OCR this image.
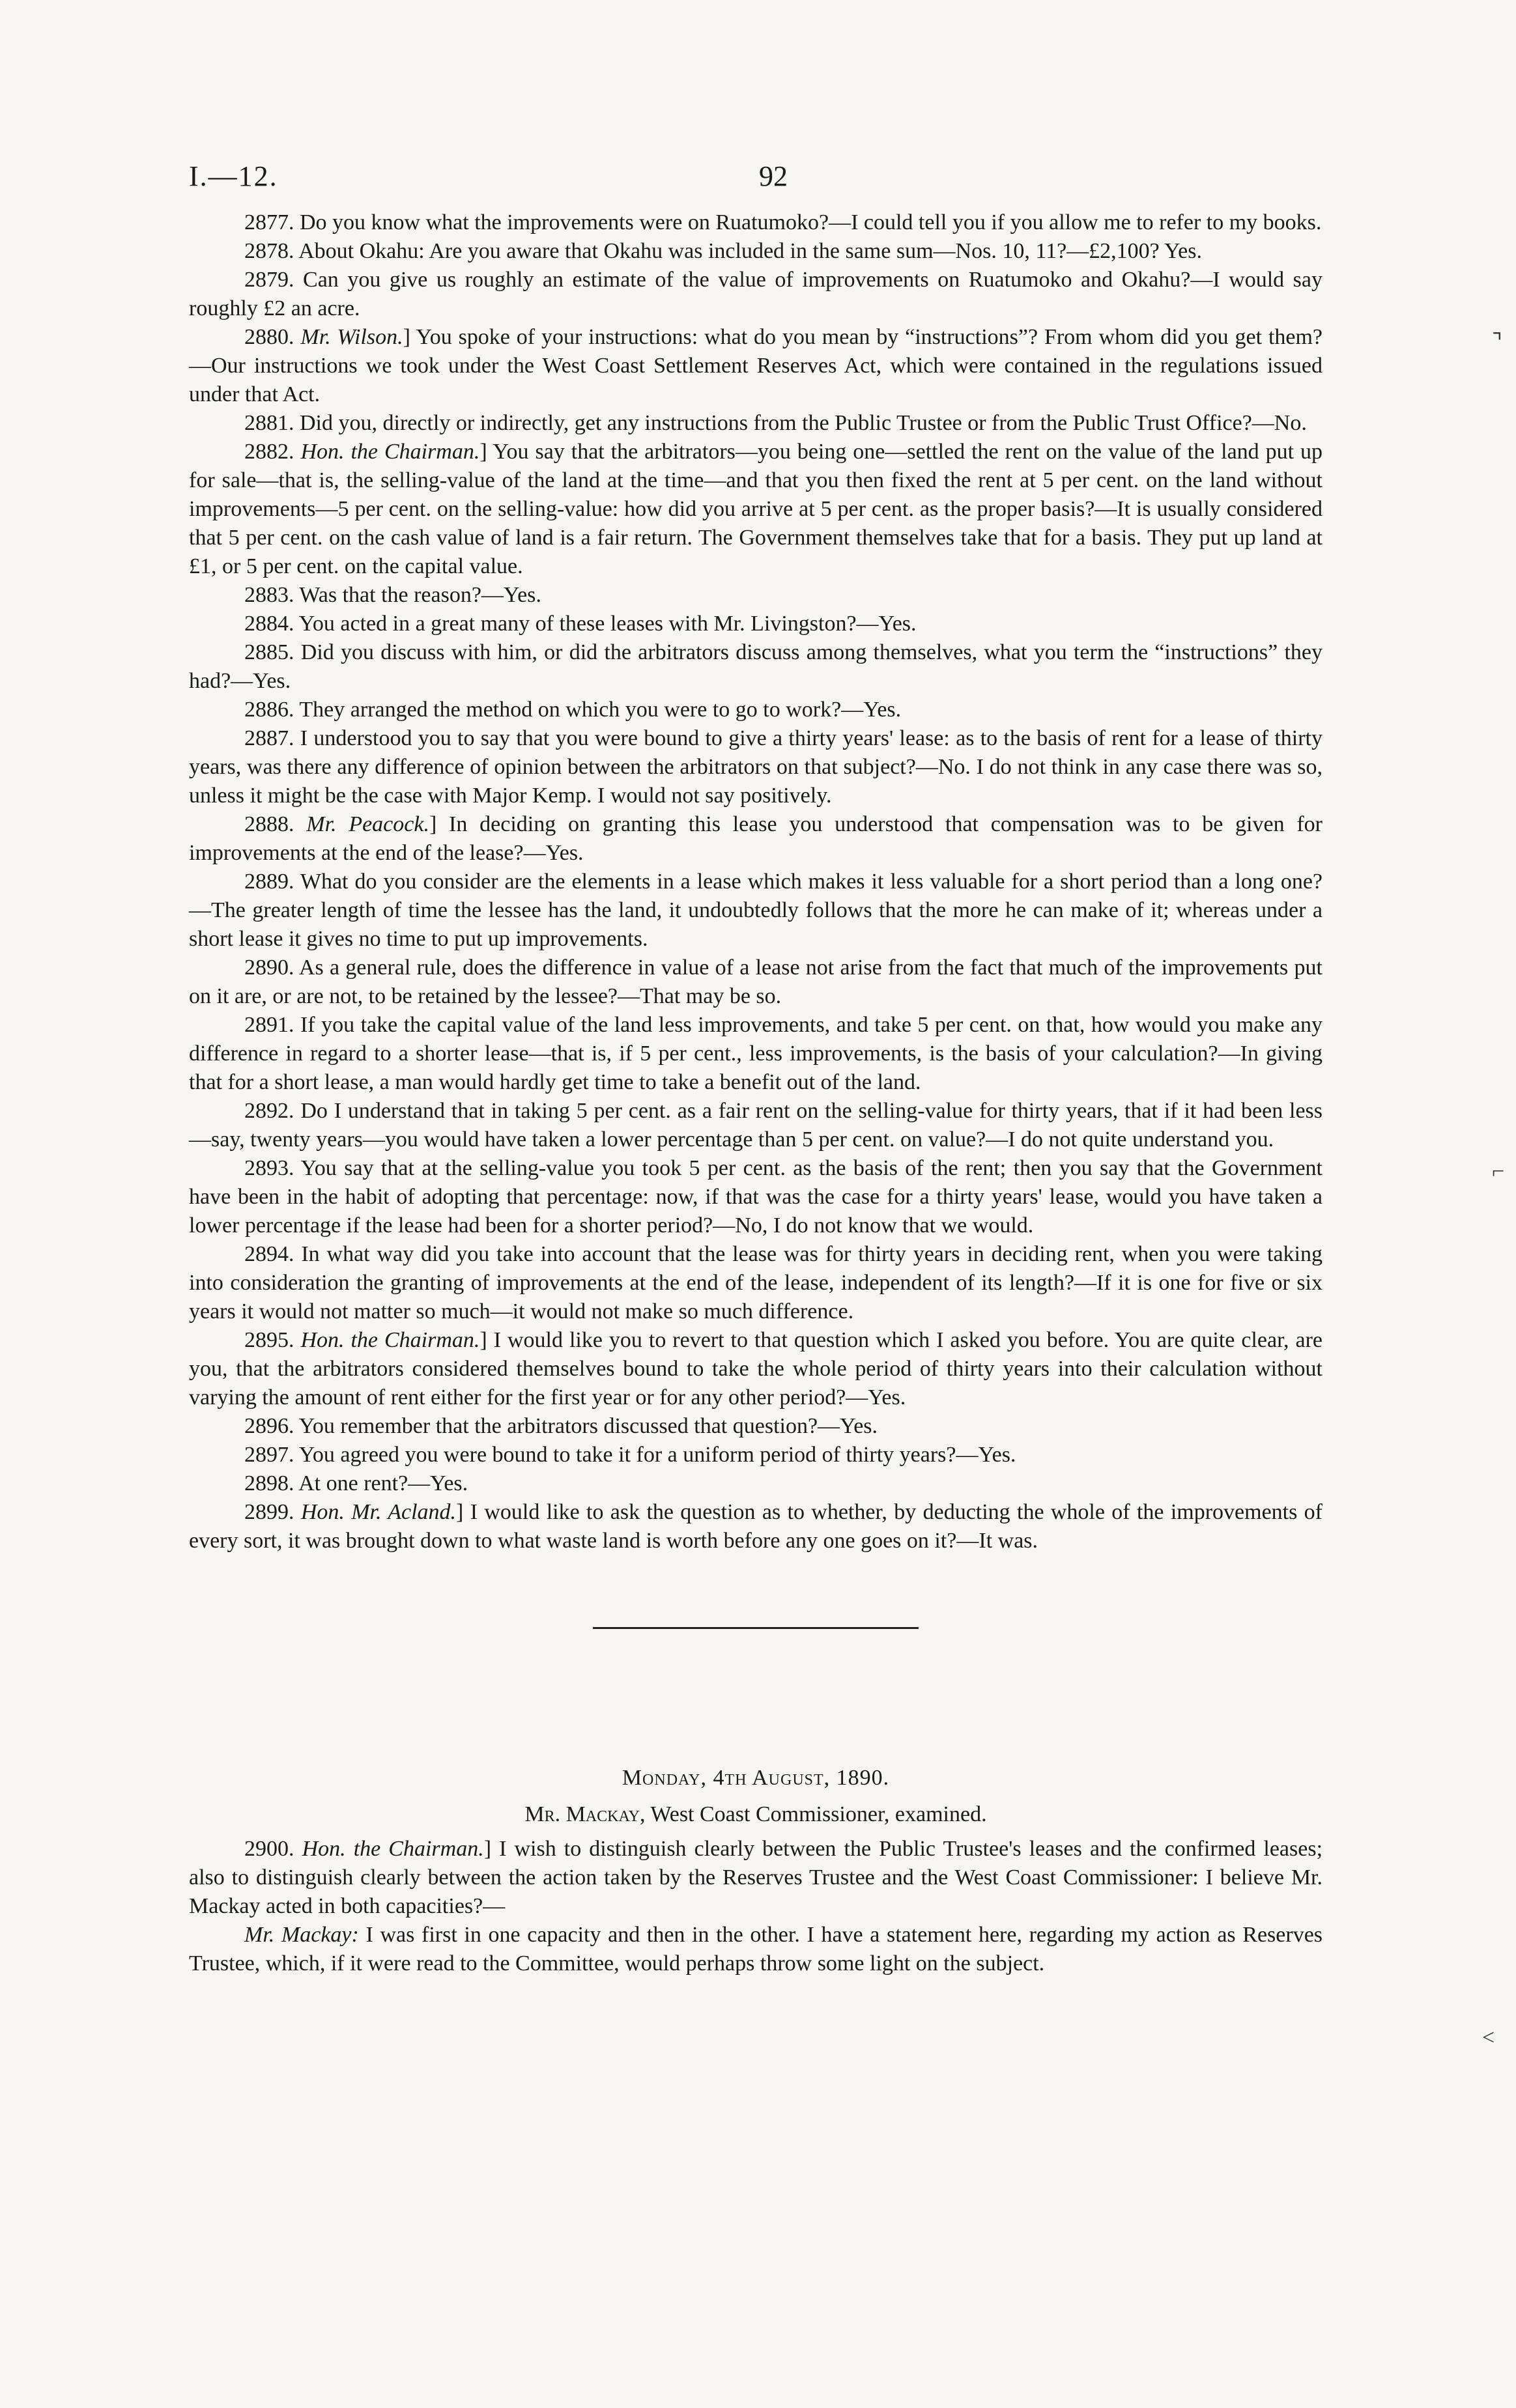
I.—12.	92

2877. Do you know what the improvements were on Ruatumoko?—I could tell you if you allow me to refer to my books.

2878. About Okahu: Are you aware that Okahu was included in the same sum—Nos. 10, 11?—£2,100? Yes.

2879. Can you give us roughly an estimate of the value of improvements on Ruatumoko and Okahu?—I would say roughly £2 an acre.

2880. Mr. Wilson.] You spoke of your instructions: what do you mean by “instructions”? From whom did you get them?—Our instructions we took under the West Coast Settlement Reserves Act, which were contained in the regulations issued under that Act.

2881. Did you, directly or indirectly, get any instructions from the Public Trustee or from the Public Trust Office?—No.

2882. Hon. the Chairman.] You say that the arbitrators—you being one—settled the rent on the value of the land put up for sale—that is, the selling-value of the land at the time—and that you then fixed the rent at 5 per cent. on the land without improvements—5 per cent. on the selling-value: how did you arrive at 5 per cent. as the proper basis?—It is usually considered that 5 per cent. on the cash value of land is a fair return. The Government themselves take that for a basis. They put up land at £1, or 5 per cent. on the capital value.

2883. Was that the reason?—Yes.

2884. You acted in a great many of these leases with Mr. Livingston?—Yes.

2885. Did you discuss with him, or did the arbitrators discuss among themselves, what you term the “instructions” they had?—Yes.

2886. They arranged the method on which you were to go to work?—Yes.

2887. I understood you to say that you were bound to give a thirty years' lease: as to the basis of rent for a lease of thirty years, was there any difference of opinion between the arbitrators on that subject?—No. I do not think in any case there was so, unless it might be the case with Major Kemp. I would not say positively.

2888. Mr. Peacock.] In deciding on granting this lease you understood that compensation was to be given for improvements at the end of the lease?—Yes.

2889. What do you consider are the elements in a lease which makes it less valuable for a short period than a long one?—The greater length of time the lessee has the land, it undoubtedly follows that the more he can make of it; whereas under a short lease it gives no time to put up improvements.

2890. As a general rule, does the difference in value of a lease not arise from the fact that much of the improvements put on it are, or are not, to be retained by the lessee?—That may be so.

2891. If you take the capital value of the land less improvements, and take 5 per cent. on that, how would you make any difference in regard to a shorter lease—that is, if 5 per cent., less improvements, is the basis of your calculation?—In giving that for a short lease, a man would hardly get time to take a benefit out of the land.

2892. Do I understand that in taking 5 per cent. as a fair rent on the selling-value for thirty years, that if it had been less—say, twenty years—you would have taken a lower percentage than 5 per cent. on value?—I do not quite understand you.

2893. You say that at the selling-value you took 5 per cent. as the basis of the rent; then you say that the Government have been in the habit of adopting that percentage: now, if that was the case for a thirty years' lease, would you have taken a lower percentage if the lease had been for a shorter period?—No, I do not know that we would.

2894. In what way did you take into account that the lease was for thirty years in deciding rent, when you were taking into consideration the granting of improvements at the end of the lease, independent of its length?—If it is one for five or six years it would not matter so much—it would not make so much difference.

2895. Hon. the Chairman.] I would like you to revert to that question which I asked you before. You are quite clear, are you, that the arbitrators considered themselves bound to take the whole period of thirty years into their calculation without varying the amount of rent either for the first year or for any other period?—Yes.

2896. You remember that the arbitrators discussed that question?—Yes.

2897. You agreed you were bound to take it for a uniform period of thirty years?—Yes.

2898. At one rent?—Yes.

2899. Hon. Mr. Acland.] I would like to ask the question as to whether, by deducting the whole of the improvements of every sort, it was brought down to what waste land is worth before any one goes on it?—It was.

Monday, 4th August, 1890.
Mr. Mackay, West Coast Commissioner, examined.

2900. Hon. the Chairman.] I wish to distinguish clearly between the Public Trustee's leases and the confirmed leases; also to distinguish clearly between the action taken by the Reserves Trustee and the West Coast Commissioner: I believe Mr. Mackay acted in both capacities?—

Mr. Mackay: I was first in one capacity and then in the other. I have a statement here, regarding my action as Reserves Trustee, which, if it were read to the Committee, would perhaps throw some light on the subject.

⌝
⌐
<
